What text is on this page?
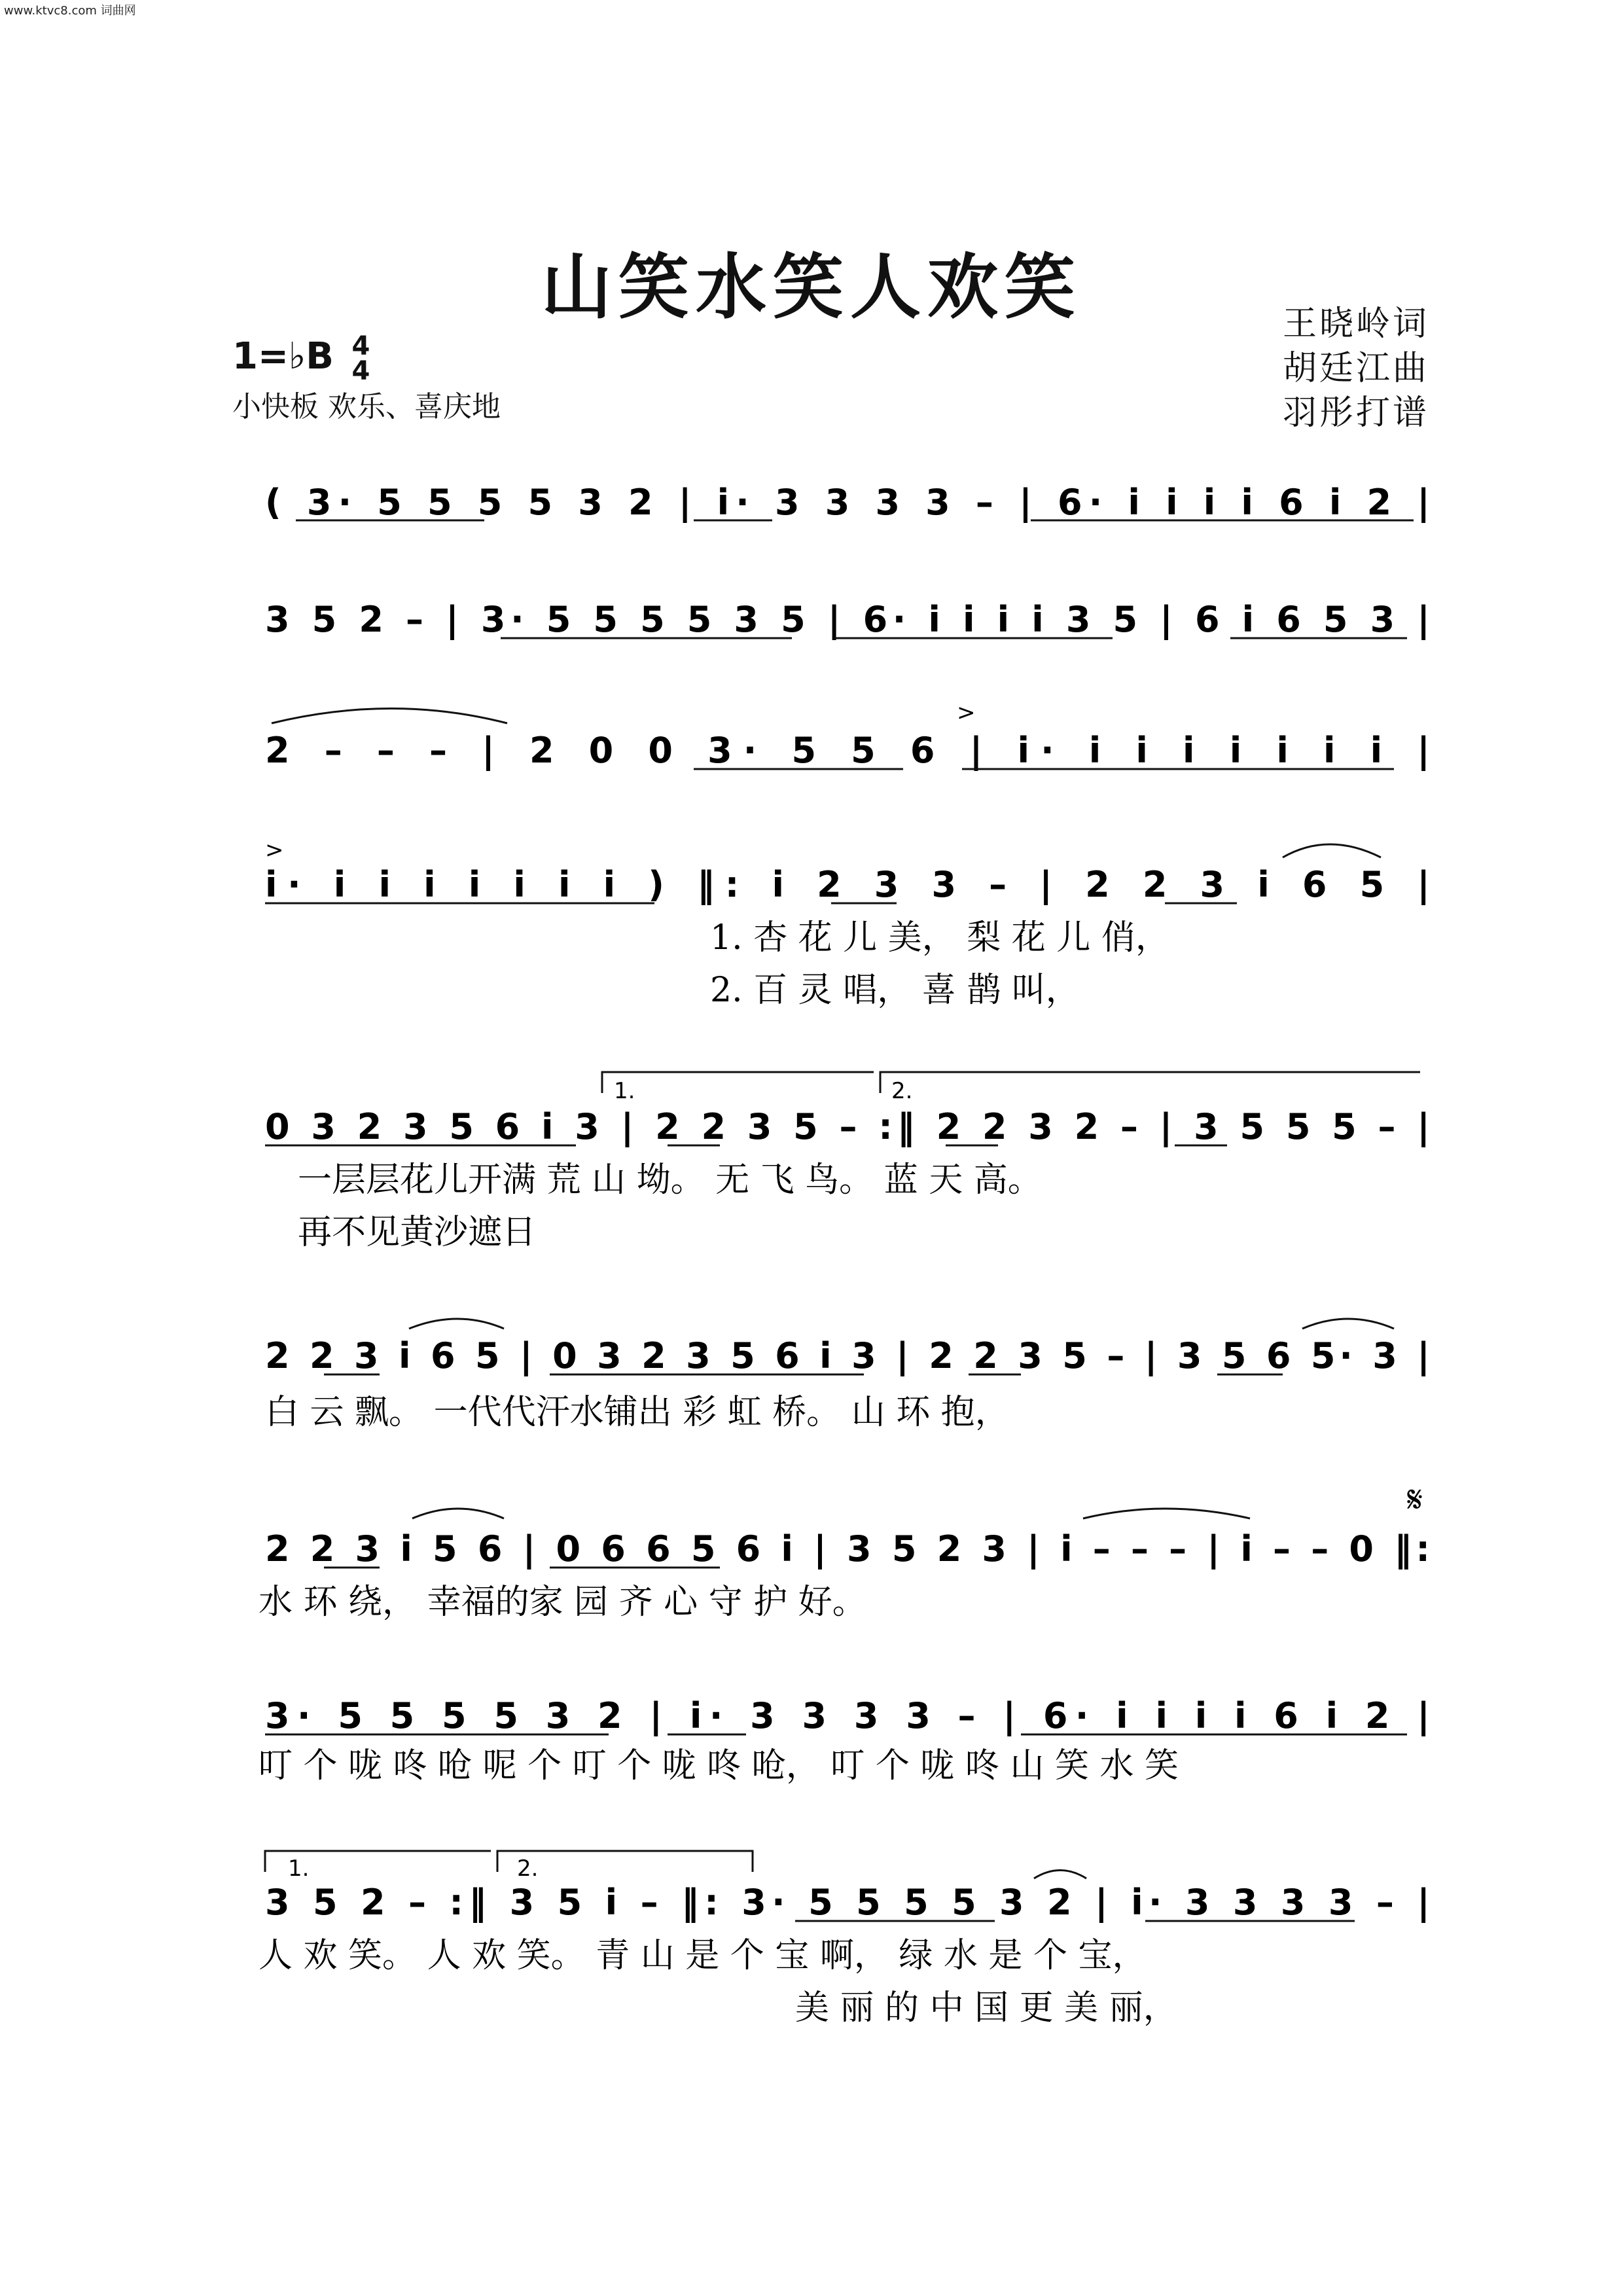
www.ktvc8.com 词曲网
山笑水笑人欢笑	王晓岭词
胡廷江曲
羽彤打谱
1=♭B 4
4
小快板 欢乐、喜庆地
( 3· 5 5 5 5 3 2 | i· 3 3 3 3 – | 6· i i i i 6 i 2 |
3 5 2 – | 3· 5 5 5 5 3 5 | 6· i i i i 3 5 | 6 i 6 5 3 |
2 – – – | 2 0 0 3· 5 5 6 | i· i i i i i i i |
>
>
i· i i i i i i i ) ‖: i 2 3 3 – | 2 2 3 i 6 5 |
1. 杏 花 儿 美， 梨 花 儿 俏，
2. 百 灵 唱， 喜 鹊 叫，
1.	2.
0 3 2 3 5 6 i 3 | 2 2 3 5 – :‖ 2 2 3 2 – | 3 5 5 5 – |
一层层花儿开满 荒 山 坳。 无 飞 鸟。 蓝 天 高。
再不见黄沙遮日
2 2 3 i 6 5 | 0 3 2 3 5 6 i 3 | 2 2 3 5 – | 3 5 6 5· 3 |
白 云 飘。 一代代汗水铺出 彩 虹 桥。 山 环 抱，
𝄋
2 2 3 i 5 6 | 0 6 6 5 6 i | 3 5 2 3 | i – – – | i – – 0 ‖:
水 环 绕， 幸福的家 园 齐 心 守 护 好。
3· 5 5 5 5 3 2 | i· 3 3 3 3 – | 6· i i i i 6 i 2 |
叮 个 咙 咚 呛 呢 个 叮 个 咙 咚 呛， 叮 个 咙 咚 山 笑 水 笑
1.	2.
3 5 2 – :‖ 3 5 i – ‖: 3· 5 5 5 5 3 2 | i· 3 3 3 3 – |
人 欢 笑。 人 欢 笑。 青 山 是 个 宝 啊， 绿 水 是 个 宝，
美 丽 的 中 国 更 美 丽，
